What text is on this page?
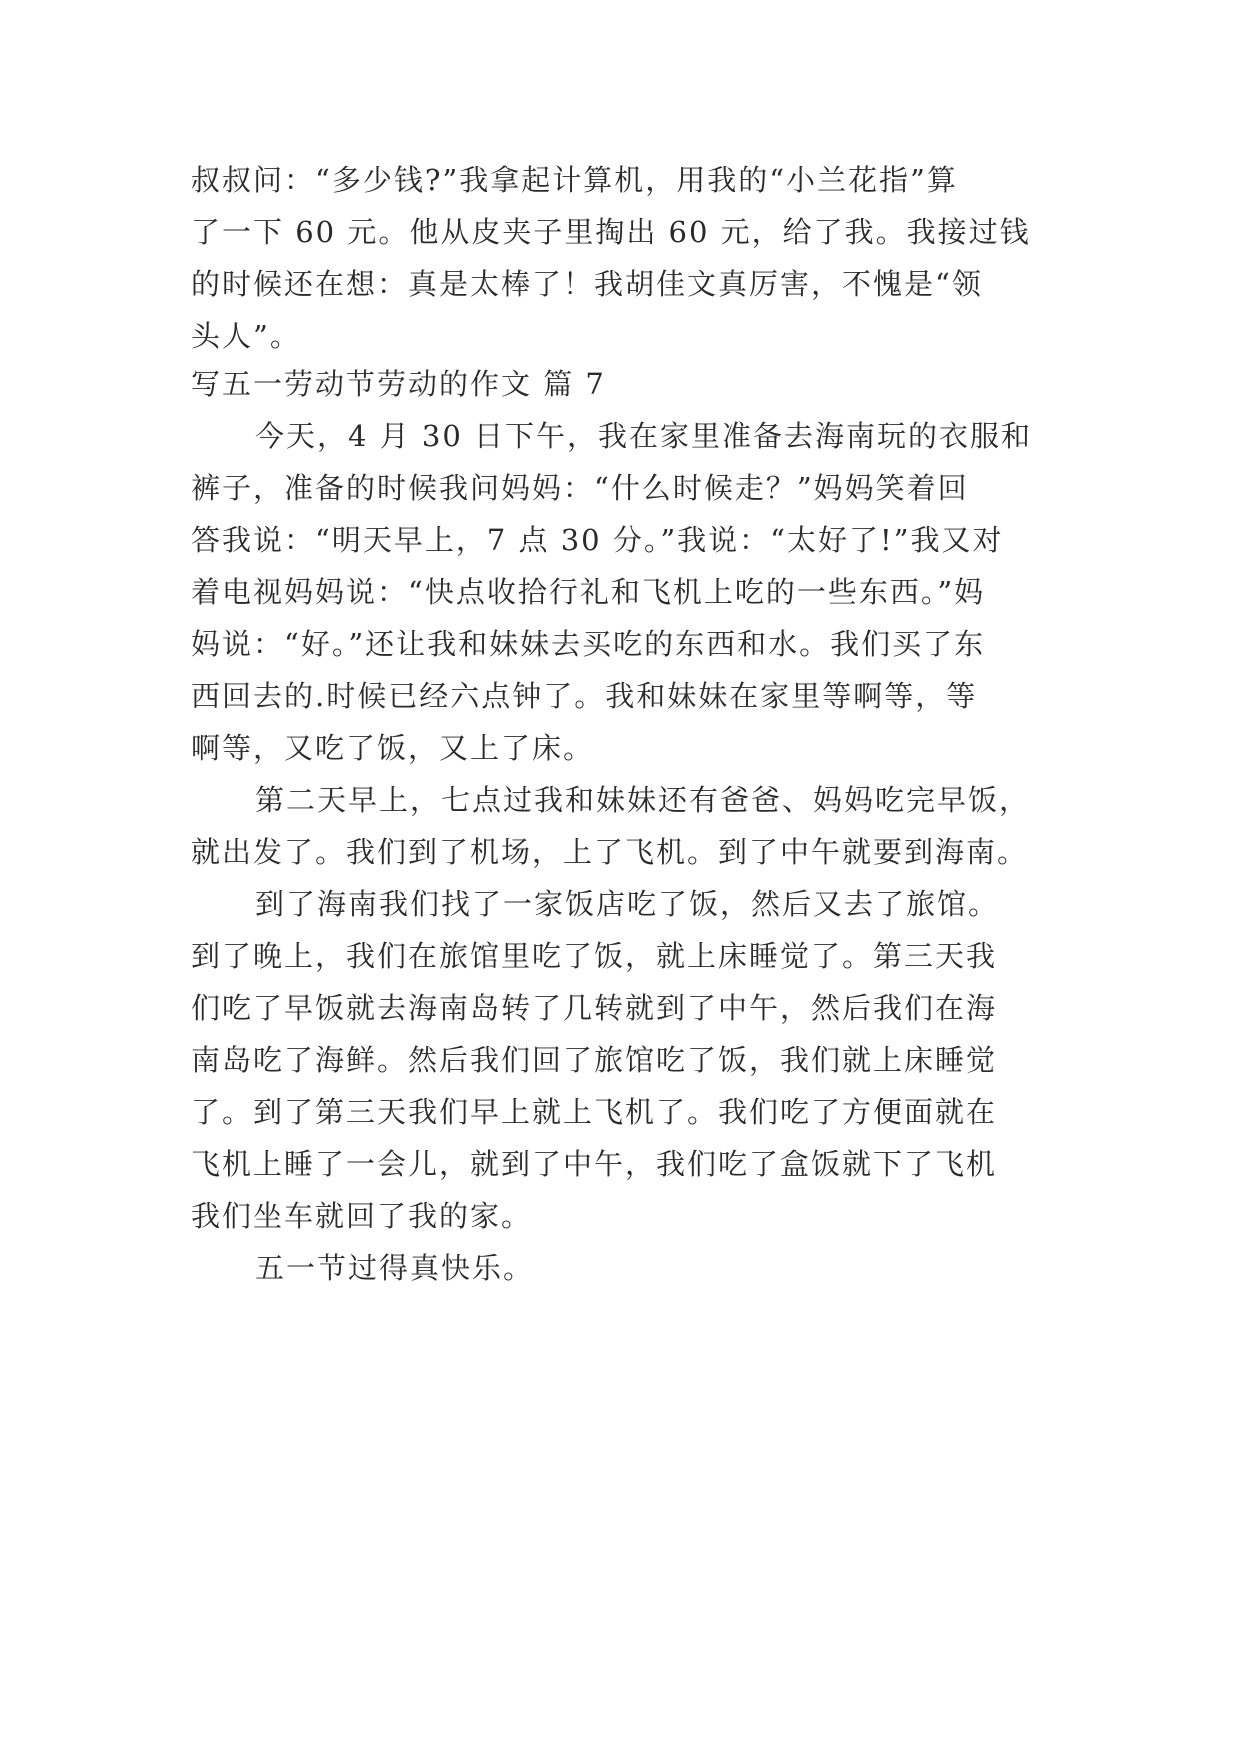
叔叔问：“多少钱?”我拿起计算机，用我的“小兰花指”算
了一下 60 元。他从皮夹子里掏出 60 元，给了我。我接过钱
的时候还在想：真是太棒了！我胡佳文真厉害，不愧是“领
头人”。
写五一劳动节劳动的作文 篇 7
今天，4 月 30 日下午，我在家里准备去海南玩的衣服和
裤子，准备的时候我问妈妈：“什么时候走？”妈妈笑着回
答我说：“明天早上，7 点 30 分。”我说：“太好了!”我又对
着电视妈妈说：“快点收拾行礼和飞机上吃的一些东西。”妈
妈说：“好。”还让我和妹妹去买吃的东西和水。我们买了东
西回去的.时候已经六点钟了。我和妹妹在家里等啊等，等
啊等，又吃了饭，又上了床。
第二天早上，七点过我和妹妹还有爸爸、妈妈吃完早饭，
就出发了。我们到了机场，上了飞机。到了中午就要到海南。
到了海南我们找了一家饭店吃了饭，然后又去了旅馆。
到了晚上，我们在旅馆里吃了饭，就上床睡觉了。第三天我
们吃了早饭就去海南岛转了几转就到了中午，然后我们在海
南岛吃了海鲜。然后我们回了旅馆吃了饭，我们就上床睡觉
了。到了第三天我们早上就上飞机了。我们吃了方便面就在
飞机上睡了一会儿，就到了中午，我们吃了盒饭就下了飞机
我们坐车就回了我的家。
五一节过得真快乐。
